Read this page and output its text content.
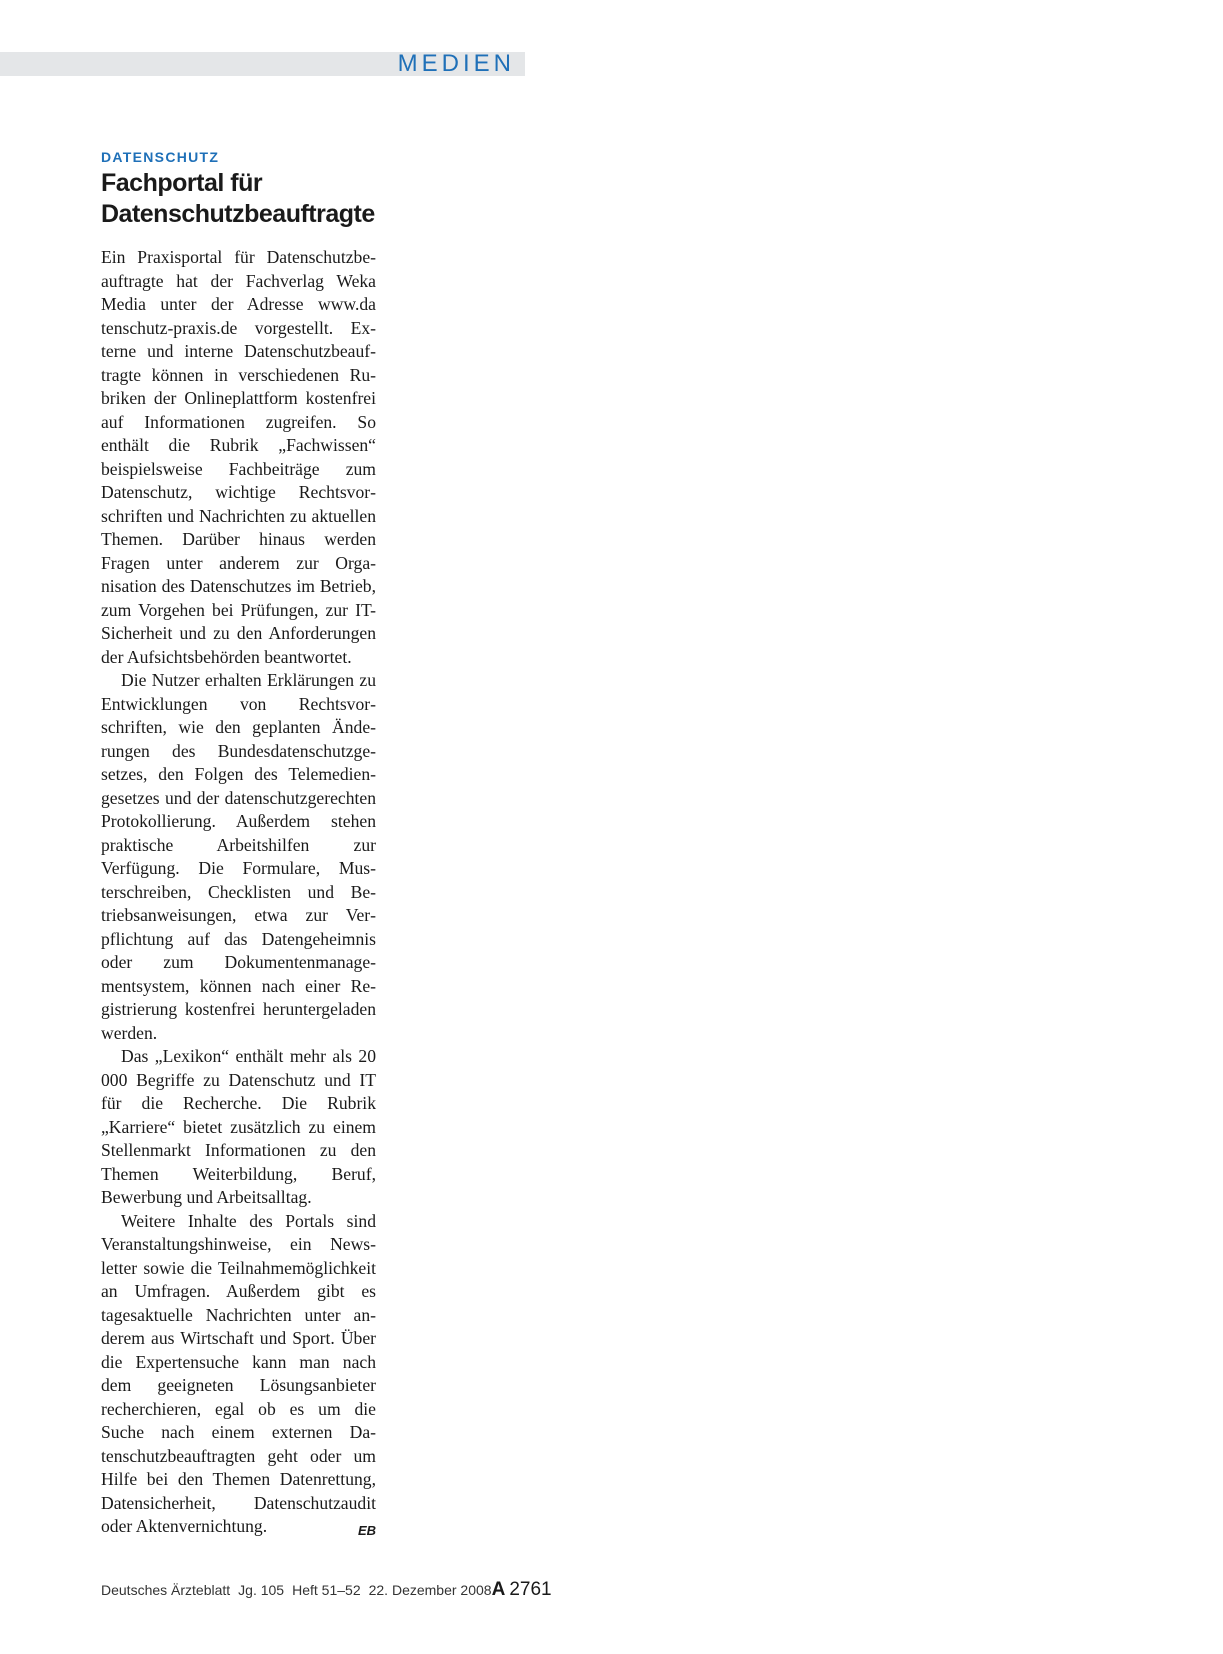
MEDIEN

DATENSCHUTZ

Fachportal für Datenschutzbeauftragte

Ein Praxisportal für Datenschutzbeauftragte hat der Fachverlag Weka Media unter der Adresse www.da tenschutz-praxis.de vorgestellt. Externe und interne Datenschutzbeauftragte können in verschiedenen Rubriken der Onlineplattform kostenfrei auf Informationen zugreifen. So enthält die Rubrik „Fachwissen“ beispielsweise Fachbeiträge zum Datenschutz, wichtige Rechtsvorschriften und Nachrichten zu aktuellen Themen. Darüber hinaus werden Fragen unter anderem zur Organisation des Datenschutzes im Betrieb, zum Vorgehen bei Prüfungen, zur IT-Sicherheit und zu den Anforderungen der Aufsichtsbehörden beantwortet.

Die Nutzer erhalten Erklärungen zu Entwicklungen von Rechtsvorschriften, wie den geplanten Änderungen des Bundesdatenschutzgesetzes, den Folgen des Telemediengesetzes und der datenschutzgerechten Protokollierung. Außerdem stehen praktische Arbeitshilfen zur Verfügung. Die Formulare, Musterschreiben, Checklisten und Betriebsanweisungen, etwa zur Verpflichtung auf das Datengeheimnis oder zum Dokumentenmanagementsystem, können nach einer Registrierung kostenfrei heruntergeladen werden.

Das „Lexikon“ enthält mehr als 20 000 Begriffe zu Datenschutz und IT für die Recherche. Die Rubrik „Karriere“ bietet zusätzlich zu einem Stellenmarkt Informationen zu den Themen Weiterbildung, Beruf, Bewerbung und Arbeitsalltag.

Weitere Inhalte des Portals sind Veranstaltungshinweise, ein Newsletter sowie die Teilnahmemöglichkeit an Umfragen. Außerdem gibt es tagesaktuelle Nachrichten unter anderem aus Wirtschaft und Sport. Über die Expertensuche kann man nach dem geeigneten Lösungsanbieter recherchieren, egal ob es um die Suche nach einem externen Datenschutzbeauftragten geht oder um Hilfe bei den Themen Datenrettung, Datensicherheit, Datenschutzaudit oder Aktenvernichtung.	EB

Deutsches Ärzteblatt Jg. 105 Heft 51–52 22. Dezember 2008 A 2761
